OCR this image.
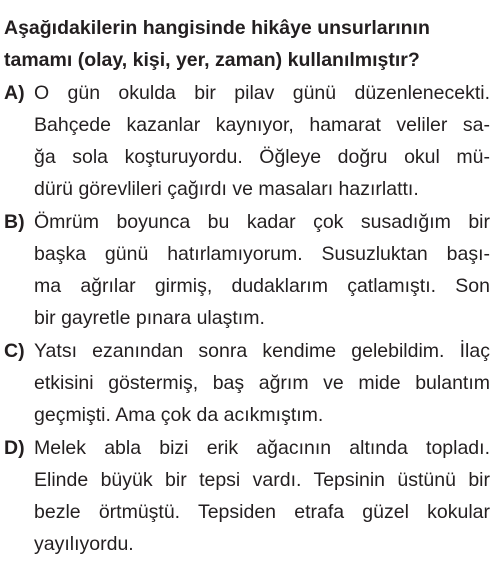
Aşağıdakilerin hangisinde hikâye unsurlarının
tamamı (olay, kişi, yer, zaman) kullanılmıştır?
A) O gün okulda bir pilav günü düzenlenecekti.
Bahçede kazanlar kaynıyor, hamarat veliler sa-
ğa sola koşturuyordu. Öğleye doğru okul mü-
dürü görevlileri çağırdı ve masaları hazırlattı.
B) Ömrüm boyunca bu kadar çok susadığım bir
başka günü hatırlamıyorum. Susuzluktan başı-
ma ağrılar girmiş, dudaklarım çatlamıştı. Son
bir gayretle pınara ulaştım.
C) Yatsı ezanından sonra kendime gelebildim. İlaç
etkisini göstermiş, baş ağrım ve mide bulantım
geçmişti. Ama çok da acıkmıştım.
D) Melek abla bizi erik ağacının altında topladı.
Elinde büyük bir tepsi vardı. Tepsinin üstünü bir
bezle örtmüştü. Tepsiden etrafa güzel kokular
yayılıyordu.
